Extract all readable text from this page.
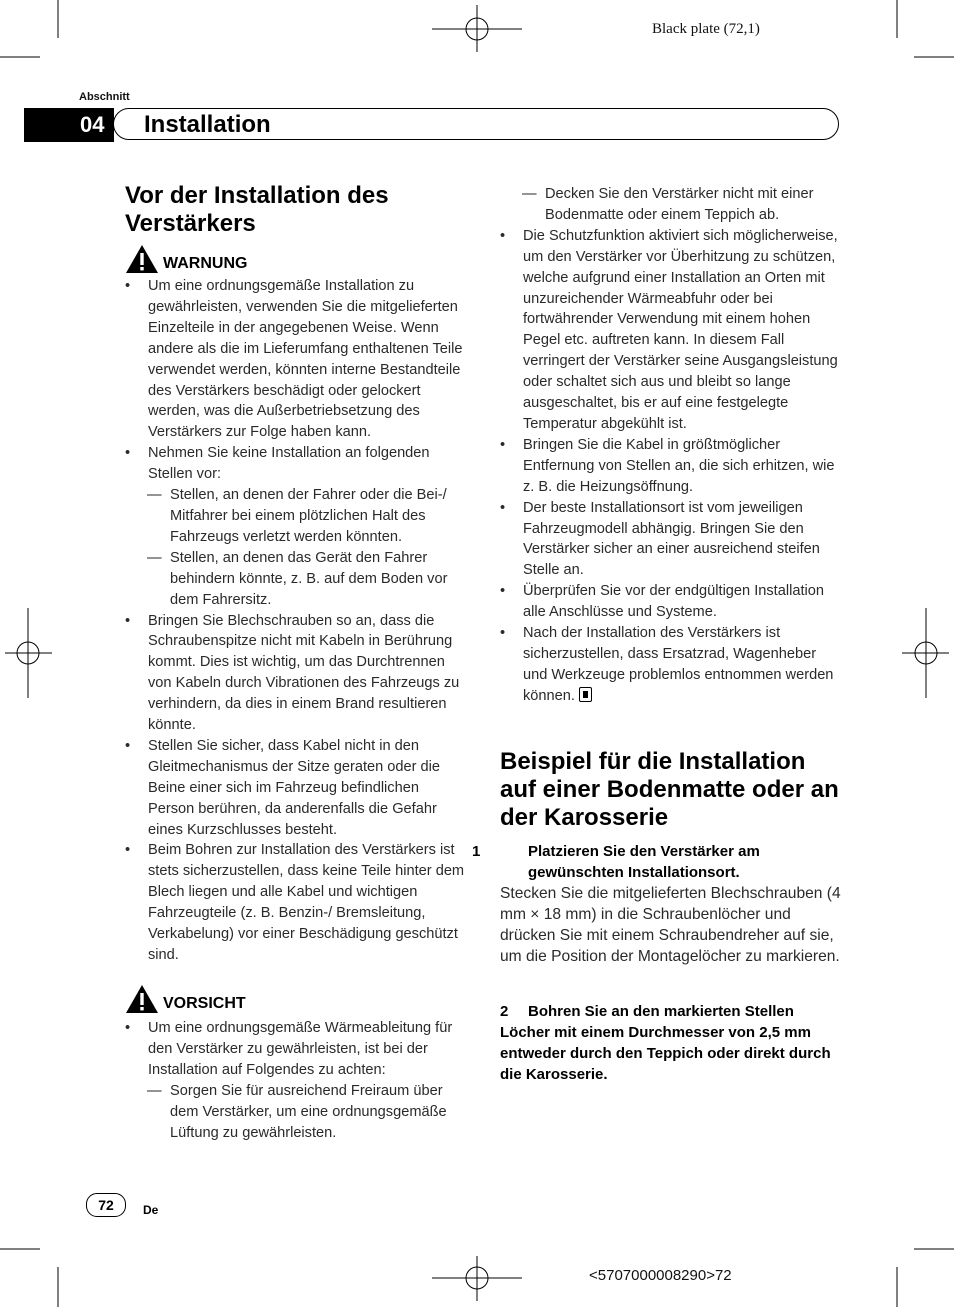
Black plate (72,1)
Abschnitt
04	Installation
Vor der Installation des Verstärkers
WARNUNG
• Um eine ordnungsgemäße Installation zu gewährleisten, verwenden Sie die mitgelieferten Einzelteile in der angegebenen Weise. Wenn andere als die im Lieferumfang enthaltenen Teile verwendet werden, könnten interne Bestandteile des Verstärkers beschädigt oder gelockert werden, was die Außerbetriebsetzung des Verstärkers zur Folge haben kann.
• Nehmen Sie keine Installation an folgenden Stellen vor:
— Stellen, an denen der Fahrer oder die Bei-/ Mitfahrer bei einem plötzlichen Halt des Fahrzeugs verletzt werden könnten.
— Stellen, an denen das Gerät den Fahrer behindern könnte, z. B. auf dem Boden vor dem Fahrersitz.
• Bringen Sie Blechschrauben so an, dass die Schraubenspitze nicht mit Kabeln in Berührung kommt. Dies ist wichtig, um das Durchtrennen von Kabeln durch Vibrationen des Fahrzeugs zu verhindern, da dies in einem Brand resultieren könnte.
• Stellen Sie sicher, dass Kabel nicht in den Gleitmechanismus der Sitze geraten oder die Beine einer sich im Fahrzeug befindlichen Person berühren, da anderenfalls die Gefahr eines Kurzschlusses besteht.
• Beim Bohren zur Installation des Verstärkers ist stets sicherzustellen, dass keine Teile hinter dem Blech liegen und alle Kabel und wichtigen Fahrzeugteile (z. B. Benzin-/ Bremsleitung, Verkabelung) vor einer Beschädigung geschützt sind.
VORSICHT
• Um eine ordnungsgemäße Wärmeableitung für den Verstärker zu gewährleisten, ist bei der Installation auf Folgendes zu achten:
— Sorgen Sie für ausreichend Freiraum über dem Verstärker, um eine ordnungsgemäße Lüftung zu gewährleisten.
— Decken Sie den Verstärker nicht mit einer Bodenmatte oder einem Teppich ab.
• Die Schutzfunktion aktiviert sich möglicherweise, um den Verstärker vor Überhitzung zu schützen, welche aufgrund einer Installation an Orten mit unzureichender Wärmeabfuhr oder bei fortwährender Verwendung mit einem hohen Pegel etc. auftreten kann. In diesem Fall verringert der Verstärker seine Ausgangsleistung oder schaltet sich aus und bleibt so lange ausgeschaltet, bis er auf eine festgelegte Temperatur abgekühlt ist.
• Bringen Sie die Kabel in größtmöglicher Entfernung von Stellen an, die sich erhitzen, wie z. B. die Heizungsöffnung.
• Der beste Installationsort ist vom jeweiligen Fahrzeugmodell abhängig. Bringen Sie den Verstärker sicher an einer ausreichend steifen Stelle an.
• Überprüfen Sie vor der endgültigen Installation alle Anschlüsse und Systeme.
• Nach der Installation des Verstärkers ist sicherzustellen, dass Ersatzrad, Wagenheber und Werkzeuge problemlos entnommen werden können.
Beispiel für die Installation auf einer Bodenmatte oder an der Karosserie
1	Platzieren Sie den Verstärker am gewünschten Installationsort.
Stecken Sie die mitgelieferten Blechschrauben (4 mm × 18 mm) in die Schraubenlöcher und drücken Sie mit einem Schraubendreher auf sie, um die Position der Montagelöcher zu markieren.
2 Bohren Sie an den markierten Stellen Löcher mit einem Durchmesser von 2,5 mm entweder durch den Teppich oder direkt durch die Karosserie.
72	De
<5707000008290>72
